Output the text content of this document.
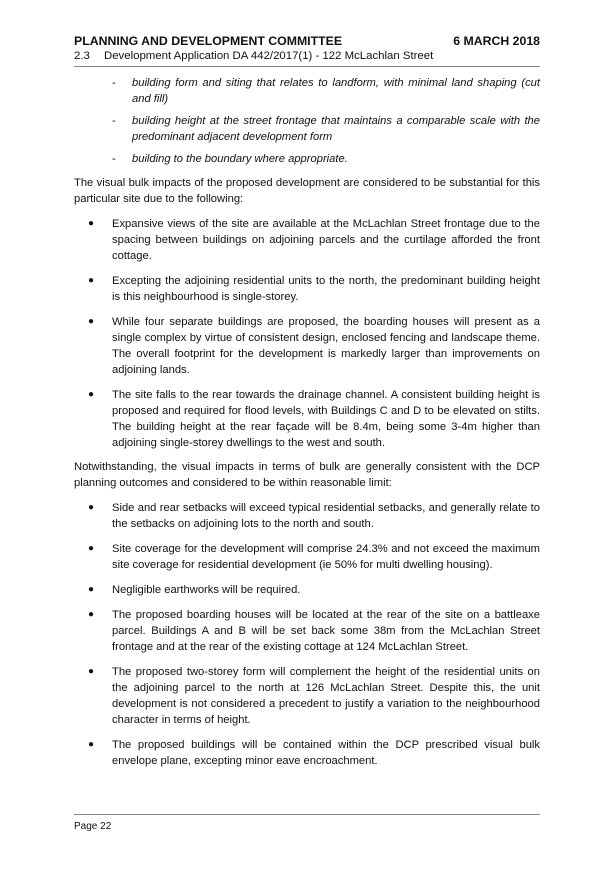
PLANNING AND DEVELOPMENT COMMITTEE	6 MARCH 2018
2.3	Development Application DA 442/2017(1) - 122 McLachlan Street
-	building form and siting that relates to landform, with minimal land shaping (cut and fill)
-	building height at the street frontage that maintains a comparable scale with the predominant adjacent development form
-	building to the boundary where appropriate.

The visual bulk impacts of the proposed development are considered to be substantial for this particular site due to the following:

●	Expansive views of the site are available at the McLachlan Street frontage due to the spacing between buildings on adjoining parcels and the curtilage afforded the front cottage.
●	Excepting the adjoining residential units to the north, the predominant building height is this neighbourhood is single-storey.
●	While four separate buildings are proposed, the boarding houses will present as a single complex by virtue of consistent design, enclosed fencing and landscape theme. The overall footprint for the development is markedly larger than improvements on adjoining lands.
●	The site falls to the rear towards the drainage channel. A consistent building height is proposed and required for flood levels, with Buildings C and D to be elevated on stilts. The building height at the rear façade will be 8.4m, being some 3-4m higher than adjoining single-storey dwellings to the west and south.

Notwithstanding, the visual impacts in terms of bulk are generally consistent with the DCP planning outcomes and considered to be within reasonable limit:

●	Side and rear setbacks will exceed typical residential setbacks, and generally relate to the setbacks on adjoining lots to the north and south.
●	Site coverage for the development will comprise 24.3% and not exceed the maximum site coverage for residential development (ie 50% for multi dwelling housing).
●	Negligible earthworks will be required.
●	The proposed boarding houses will be located at the rear of the site on a battleaxe parcel. Buildings A and B will be set back some 38m from the McLachlan Street frontage and at the rear of the existing cottage at 124 McLachlan Street.
●	The proposed two-storey form will complement the height of the residential units on the adjoining parcel to the north at 126 McLachlan Street. Despite this, the unit development is not considered a precedent to justify a variation to the neighbourhood character in terms of height.
●	The proposed buildings will be contained within the DCP prescribed visual bulk envelope plane, excepting minor eave encroachment.
Page 22
